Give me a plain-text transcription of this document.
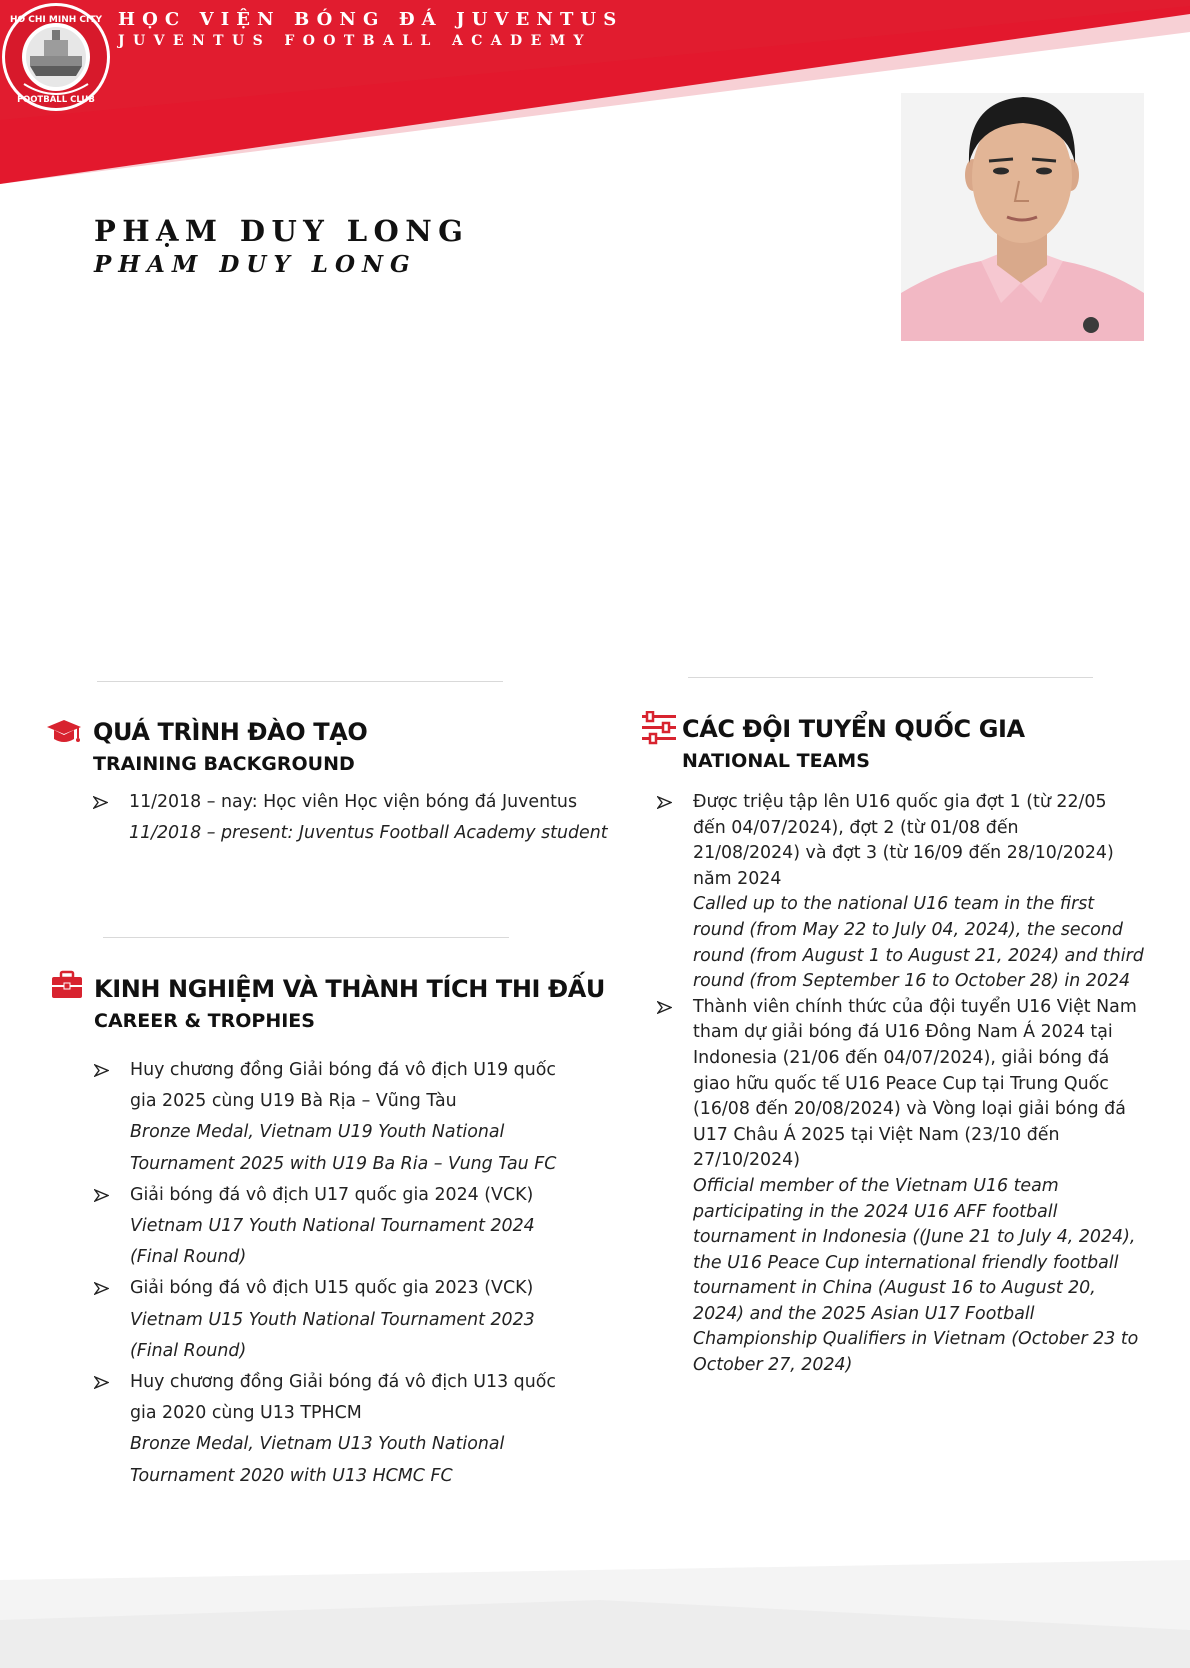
HO CHI MINH CITY
FOOTBALL CLUB

HỌC VIỆN BÓNG ĐÁ JUVENTUS

JUVENTUS FOOTBALL ACADEMY

PHẠM DUY LONG
PHAM DUY LONG
QUÁ TRÌNH ĐÀO TẠO
TRAINING BACKGROUND
11/2018 – nay: Học viên Học viện bóng đá Juventus
11/2018 – present: Juventus Football Academy student
KINH NGHIỆM VÀ THÀNH TÍCH THI ĐẤU
CAREER & TROPHIES
Huy chương đồng Giải bóng đá vô địch U19 quốc
gia 2025 cùng U19 Bà Rịa – Vũng Tàu
Bronze Medal, Vietnam U19 Youth National
Tournament 2025 with U19 Ba Ria – Vung Tau FC
Giải bóng đá vô địch U17 quốc gia 2024 (VCK)
Vietnam U17 Youth National Tournament 2024
(Final Round)
Giải bóng đá vô địch U15 quốc gia 2023 (VCK)
Vietnam U15 Youth National Tournament 2023
(Final Round)
Huy chương đồng Giải bóng đá vô địch U13 quốc
gia 2020 cùng U13 TPHCM
Bronze Medal, Vietnam U13 Youth National
Tournament 2020 with U13 HCMC FC
CÁC ĐỘI TUYỂN QUỐC GIA
NATIONAL TEAMS
Được triệu tập lên U16 quốc gia đợt 1 (từ 22/05
đến 04/07/2024), đợt 2 (từ 01/08 đến
21/08/2024) và đợt 3 (từ 16/09 đến 28/10/2024)
năm 2024
Called up to the national U16 team in the first
round (from May 22 to July 04, 2024), the second
round (from August 1 to August 21, 2024) and third
round (from September 16 to October 28) in 2024
Thành viên chính thức của đội tuyển U16 Việt Nam
tham dự giải bóng đá U16 Đông Nam Á 2024 tại
Indonesia (21/06 đến 04/07/2024), giải bóng đá
giao hữu quốc tế U16 Peace Cup tại Trung Quốc
(16/08 đến 20/08/2024) và Vòng loại giải bóng đá
U17 Châu Á 2025 tại Việt Nam (23/10 đến
27/10/2024)
Official member of the Vietnam U16 team
participating in the 2024 U16 AFF football
tournament in Indonesia ((June 21 to July 4, 2024),
the U16 Peace Cup international friendly football
tournament in China (August 16 to August 20,
2024) and the 2025 Asian U17 Football
Championship Qualifiers in Vietnam (October 23 to
October 27, 2024)
